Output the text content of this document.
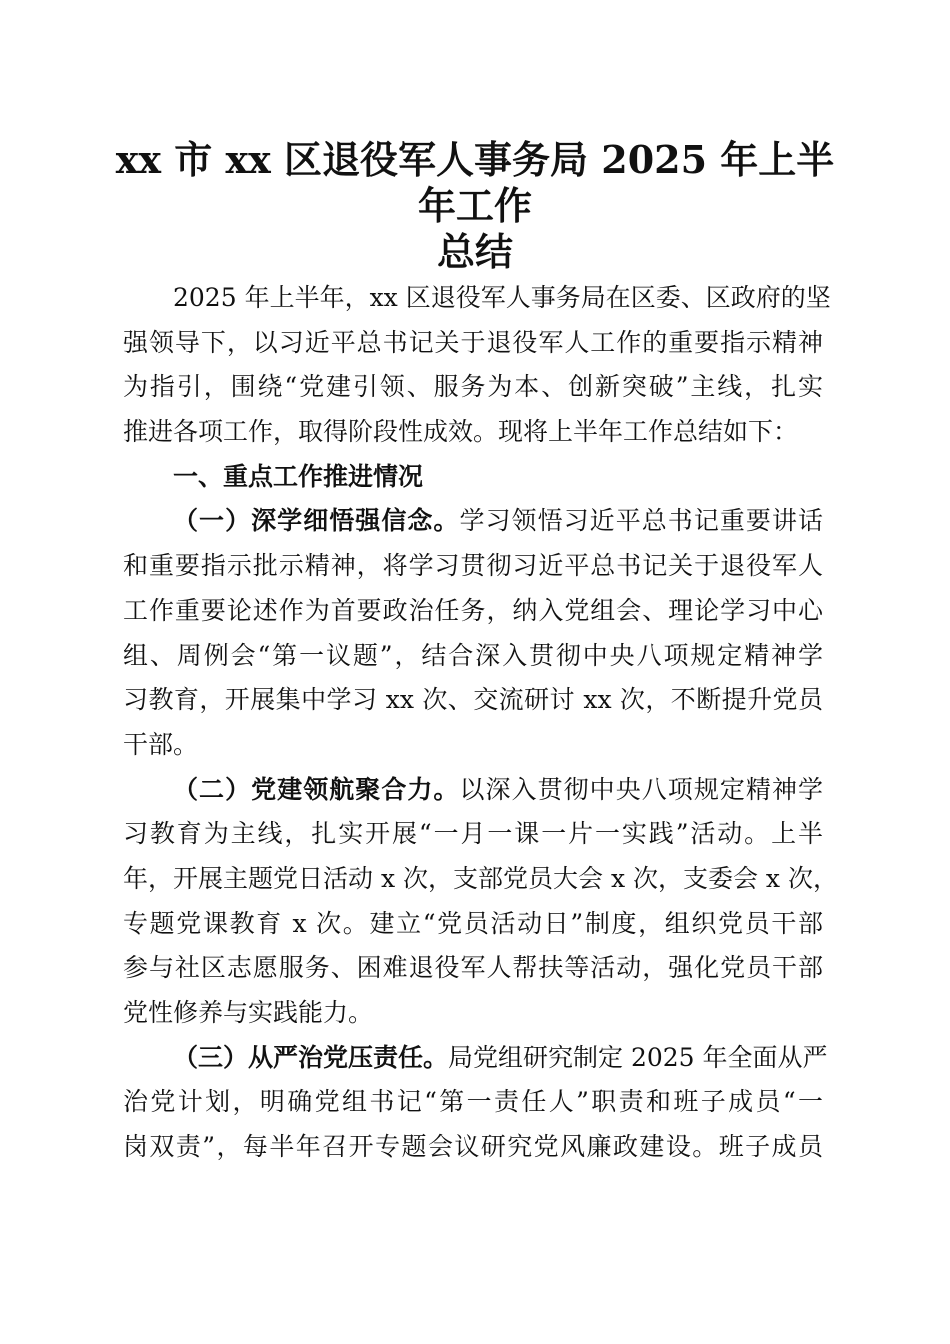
xx 市 xx 区退役军人事务局 2025 年上半年工作
总结
2025 年上半年，xx 区退役军人事务局在区委、区政府的坚
强领导下，以习近平总书记关于退役军人工作的重要指示精神
为指引，围绕“党建引领、服务为本、创新突破”主线，扎实
推进各项工作，取得阶段性成效。现将上半年工作总结如下：
一、重点工作推进情况
（一）深学细悟强信念。学习领悟习近平总书记重要讲话
和重要指示批示精神，将学习贯彻习近平总书记关于退役军人
工作重要论述作为首要政治任务，纳入党组会、理论学习中心
组、周例会“第一议题”，结合深入贯彻中央八项规定精神学
习教育，开展集中学习 xx 次、交流研讨 xx 次，不断提升党员
干部。
（二）党建领航聚合力。以深入贯彻中央八项规定精神学
习教育为主线，扎实开展“一月一课一片一实践”活动。上半
年，开展主题党日活动 x 次，支部党员大会 x 次，支委会 x 次，
专题党课教育 x 次。建立“党员活动日”制度，组织党员干部
参与社区志愿服务、困难退役军人帮扶等活动，强化党员干部
党性修养与实践能力。
（三）从严治党压责任。局党组研究制定 2025 年全面从严
治党计划，明确党组书记“第一责任人”职责和班子成员“一
岗双责”，每半年召开专题会议研究党风廉政建设。班子成员
